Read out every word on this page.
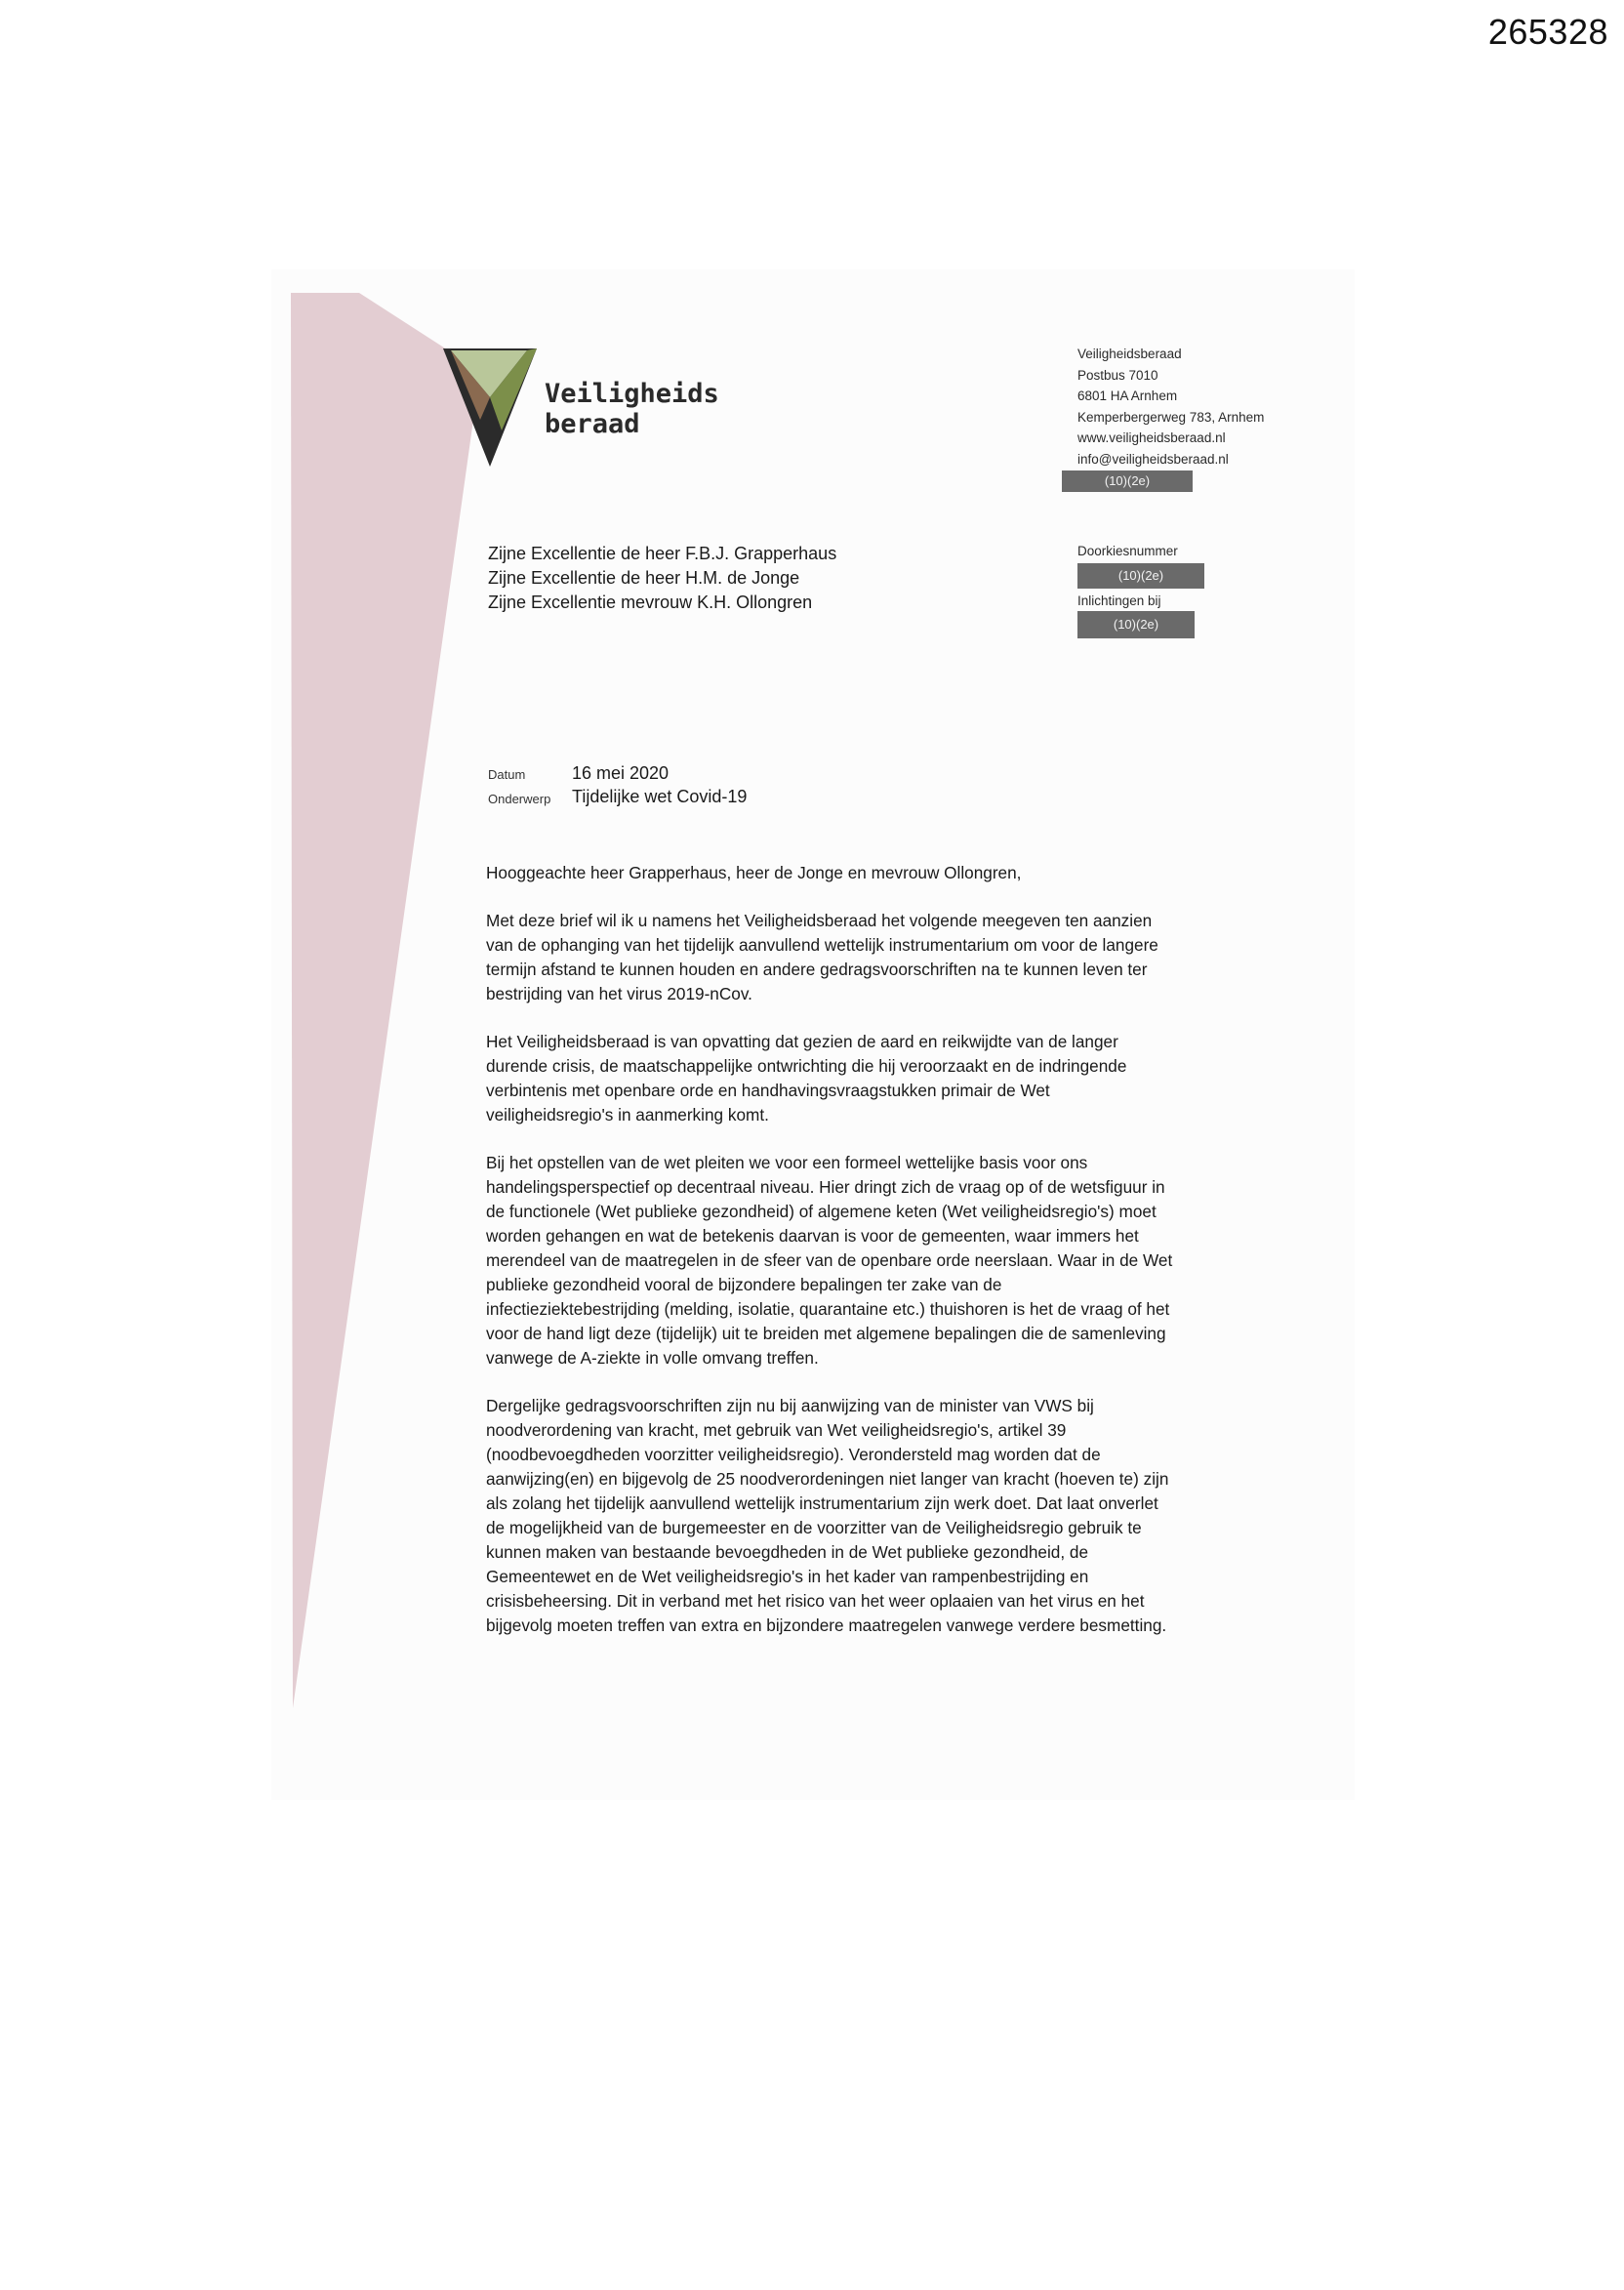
265328
Veiligheids
beraad
Veiligheidsberaad
Postbus 7010
6801 HA Arnhem
Kemperbergerweg 783, Arnhem
www.veiligheidsberaad.nl
info@veiligheidsberaad.nl
(10)(2e)
Doorkiesnummer
(10)(2e)
Inlichtingen bij
(10)(2e)
Zijne Excellentie de heer F.B.J. Grapperhaus
Zijne Excellentie de heer H.M. de Jonge
Zijne Excellentie mevrouw K.H. Ollongren
Datum	16 mei 2020
Onderwerp Tijdelijke wet Covid-19

Hooggeachte heer Grapperhaus, heer de Jonge en mevrouw Ollongren,

Met deze brief wil ik u namens het Veiligheidsberaad het volgende meegeven ten aanzien van de ophanging van het tijdelijk aanvullend wettelijk instrumentarium om voor de langere termijn afstand te kunnen houden en andere gedragsvoorschriften na te kunnen leven ter bestrijding van het virus 2019-nCov.

Het Veiligheidsberaad is van opvatting dat gezien de aard en reikwijdte van de langer durende crisis, de maatschappelijke ontwrichting die hij veroorzaakt en de indringende verbintenis met openbare orde en handhavingsvraagstukken primair de Wet veiligheidsregio's in aanmerking komt.

Bij het opstellen van de wet pleiten we voor een formeel wettelijke basis voor ons handelingsperspectief op decentraal niveau. Hier dringt zich de vraag op of de wetsfiguur in de functionele (Wet publieke gezondheid) of algemene keten (Wet veiligheidsregio's) moet worden gehangen en wat de betekenis daarvan is voor de gemeenten, waar immers het merendeel van de maatregelen in de sfeer van de openbare orde neerslaan. Waar in de Wet publieke gezondheid vooral de bijzondere bepalingen ter zake van de infectieziektebestrijding (melding, isolatie, quarantaine etc.) thuishoren is het de vraag of het voor de hand ligt deze (tijdelijk) uit te breiden met algemene bepalingen die de samenleving vanwege de A-ziekte in volle omvang treffen.

Dergelijke gedragsvoorschriften zijn nu bij aanwijzing van de minister van VWS bij noodverordening van kracht, met gebruik van Wet veiligheidsregio's, artikel 39 (noodbevoegdheden voorzitter veiligheidsregio). Verondersteld mag worden dat de aanwijzing(en) en bijgevolg de 25 noodverordeningen niet langer van kracht (hoeven te) zijn als zolang het tijdelijk aanvullend wettelijk instrumentarium zijn werk doet. Dat laat onverlet de mogelijkheid van de burgemeester en de voorzitter van de Veiligheidsregio gebruik te kunnen maken van bestaande bevoegdheden in de Wet publieke gezondheid, de Gemeentewet en de Wet veiligheidsregio's in het kader van rampenbestrijding en crisisbeheersing. Dit in verband met het risico van het weer oplaaien van het virus en het bijgevolg moeten treffen van extra en bijzondere maatregelen vanwege verdere besmetting.
